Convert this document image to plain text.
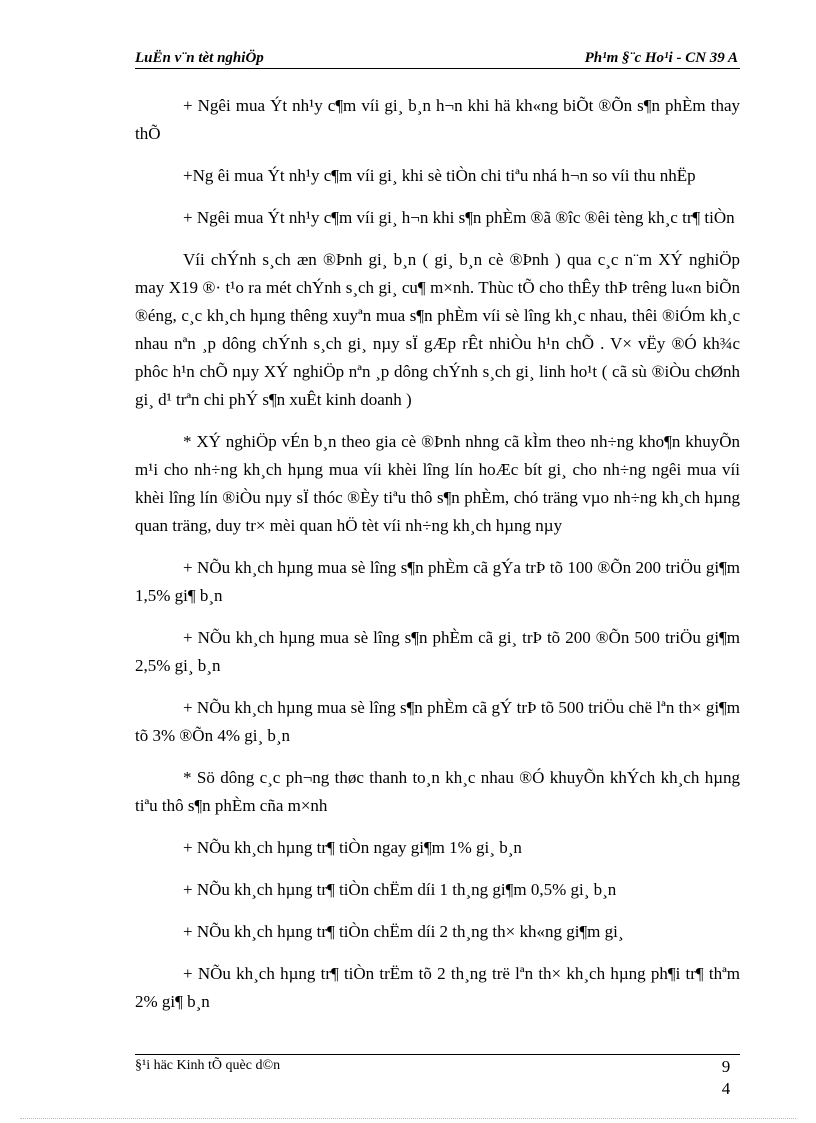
LuËn v¨n tèt nghiÖp	Ph¹m §¨c Ho¹i - CN 39 A

+ Ngêi mua Ýt nh¹y c¶m víi gi¸ b¸n h¬n khi hä kh«ng biÕt ®Õn s¶n phÈm thay thÕ

+Ng êi mua Ýt nh¹y c¶m víi gi¸ khi sè tiÒn chi tiªu nhá h¬n so víi thu nhËp

+ Ngêi mua Ýt nh¹y c¶m víi gi¸ h¬n khi s¶n phÈm ®ã ®îc ®êi tèng kh¸c tr¶ tiÒn

Víi chÝnh s¸ch æn ®Þnh gi¸ b¸n ( gi¸ b¸n cè ®Þnh ) qua c¸c n¨m XÝ nghiÖp may X19 ®· t¹o ra mét chÝnh s¸ch gi¸ cu¶ m×nh. Thùc tÕ cho thÊy thÞ trêng lu«n biÕn ®éng, c¸c kh¸ch hµng thêng xuyªn mua s¶n phÈm víi sè lîng kh¸c nhau, thêi ®iÓm kh¸c nhau nªn ¸p dông chÝnh s¸ch gi¸ nµy sÏ gÆp rÊt nhiÒu h¹n chÕ . V× vËy ®Ó kh¾c phôc h¹n chÕ nµy XÝ nghiÖp nªn ¸p dông chÝnh s¸ch gi¸ linh ho¹t ( cã sù ®iÒu chØnh gi¸ d¹ trªn chi phÝ s¶n xuÊt kinh doanh )

* XÝ nghiÖp vÉn b¸n theo gia cè ®Þnh nhng cã kÌm theo nh÷ng kho¶n khuyÕn m¹i cho nh÷ng kh¸ch hµng mua víi khèi lîng lín hoÆc bít gi¸ cho nh÷ng ngêi mua víi khèi lîng lín ®iÒu nµy sÏ thóc ®Èy tiªu thô s¶n phÈm, chó träng vµo nh÷ng kh¸ch hµng quan träng, duy tr× mèi quan hÖ tèt víi nh÷ng kh¸ch hµng nµy

+ NÕu kh¸ch hµng mua sè lîng s¶n phÈm cã gÝa trÞ tõ 100 ®Õn 200 triÖu gi¶m 1,5% gi¶ b¸n

+ NÕu kh¸ch hµng mua sè lîng s¶n phÈm cã gi¸ trÞ tõ 200 ®Õn 500 triÖu gi¶m 2,5% gi¸ b¸n

+ NÕu kh¸ch hµng mua sè lîng s¶n phÈm cã gÝ trÞ tõ 500 triÖu chë lªn th× gi¶m tõ 3% ®Õn 4% gi¸ b¸n

* Sö dông c¸c ph¬ng thøc thanh to¸n kh¸c nhau ®Ó khuyÕn khÝch kh¸ch hµng tiªu thô s¶n phÈm cña m×nh

+ NÕu kh¸ch hµng tr¶ tiÒn ngay gi¶m 1% gi¸ b¸n

+ NÕu kh¸ch hµng tr¶ tiÒn chËm díi 1 th¸ng gi¶m 0,5% gi¸ b¸n

+ NÕu kh¸ch hµng tr¶ tiÒn chËm díi 2 th¸ng th× kh«ng gi¶m gi¸

+ NÕu kh¸ch hµng tr¶ tiÒn trËm tõ 2 th¸ng trë lªn th× kh¸ch hµng ph¶i tr¶ thªm 2% gi¶ b¸n

§¹i häc Kinh tÕ quèc d©n	9
4
